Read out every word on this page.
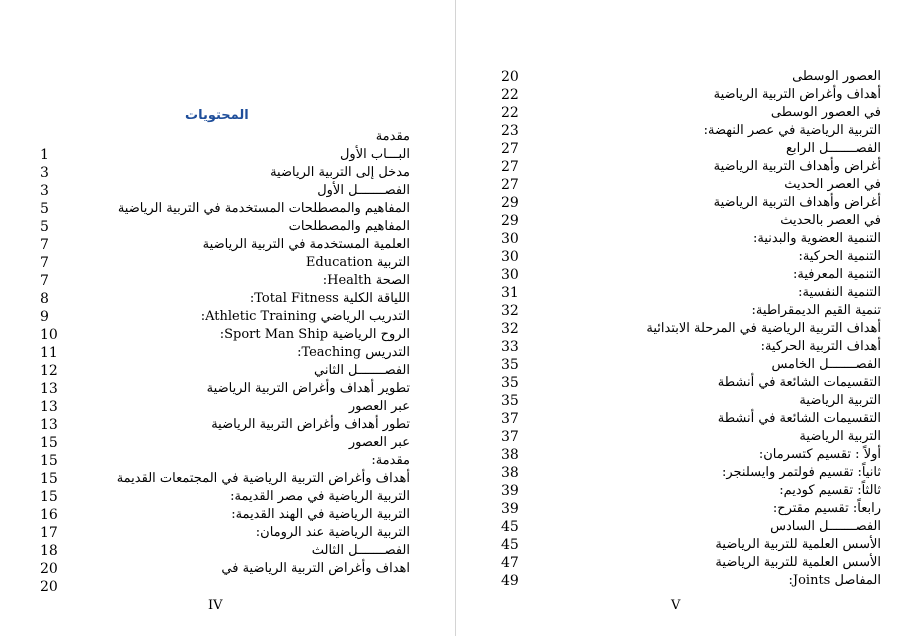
المحتويات
مقدمة
1	البـــاب الأول
3	مدخل إلى التربية الرياضية
3	الفصـــــــل الأول
5	المفاهيم والمصطلحات المستخدمة في التربية الرياضية
5	المفاهيم والمصطلحات
7	العلمية المستخدمة في التربية الرياضية
7	التربية Education
7	الصحة Health:
8	اللياقة الكلية Total Fitness:
9	التدريب الرياضي Athletic Training:
10	الروح الرياضية Sport Man Ship:
11	التدريس Teaching:
12	الفصـــــــل الثاني
13	تطوير أهداف وأغراض التربية الرياضية
13	عبر العصور
13	تطور أهداف وأغراض التربية الرياضية
15	عبر العصور
15	مقدمة:
15	أهداف وأغراض التربية الرياضية في المجتمعات القديمة
15	التربية الرياضية في مصر القديمة:
16	التربية الرياضية في الهند القديمة:
17	التربية الرياضية عند الرومان:
18	الفصـــــــل الثالث
20	اهداف وأغراض التربية الرياضية في
20
IV
20	العصور الوسطى
22	أهداف وأغراض التربية الرياضية
22	في العصور الوسطى
23	التربية الرياضية في عصر النهضة:
27	الفصـــــــل الرابع
27	أغراض وأهداف التربية الرياضية
27	في العصر الحديث
29	أغراض وأهداف التربية الرياضية
29	في العصر بالحديث
30	التنمية العضوية والبدنية:
30	التنمية الحركية:
30	التنمية المعرفية:
31	التنمية النفسية:
32	تنمية القيم الديمقراطية:
32	أهداف التربية الرياضية في المرحلة الابتدائية
33	أهداف التربية الحركية:
35	الفصـــــــل الخامس
35	التقسيمات الشائعة في أنشطة
35	التربية الرياضية
37	التقسيمات الشائعة في أنشطة
37	التربية الرياضية
38	أولاً : تقسيم كتسرمان:
38	ثانياً: تقسيم فولتمر وايسلنجر:
39	ثالثاً: تقسيم كوديم:
39	رابعاً: تقسيم مقترح:
45	الفصـــــــل السادس
45	الأسس العلمية للتربية الرياضية
47	الأسس العلمية للتربية الرياضية
49	المفاصل Joints:
V
